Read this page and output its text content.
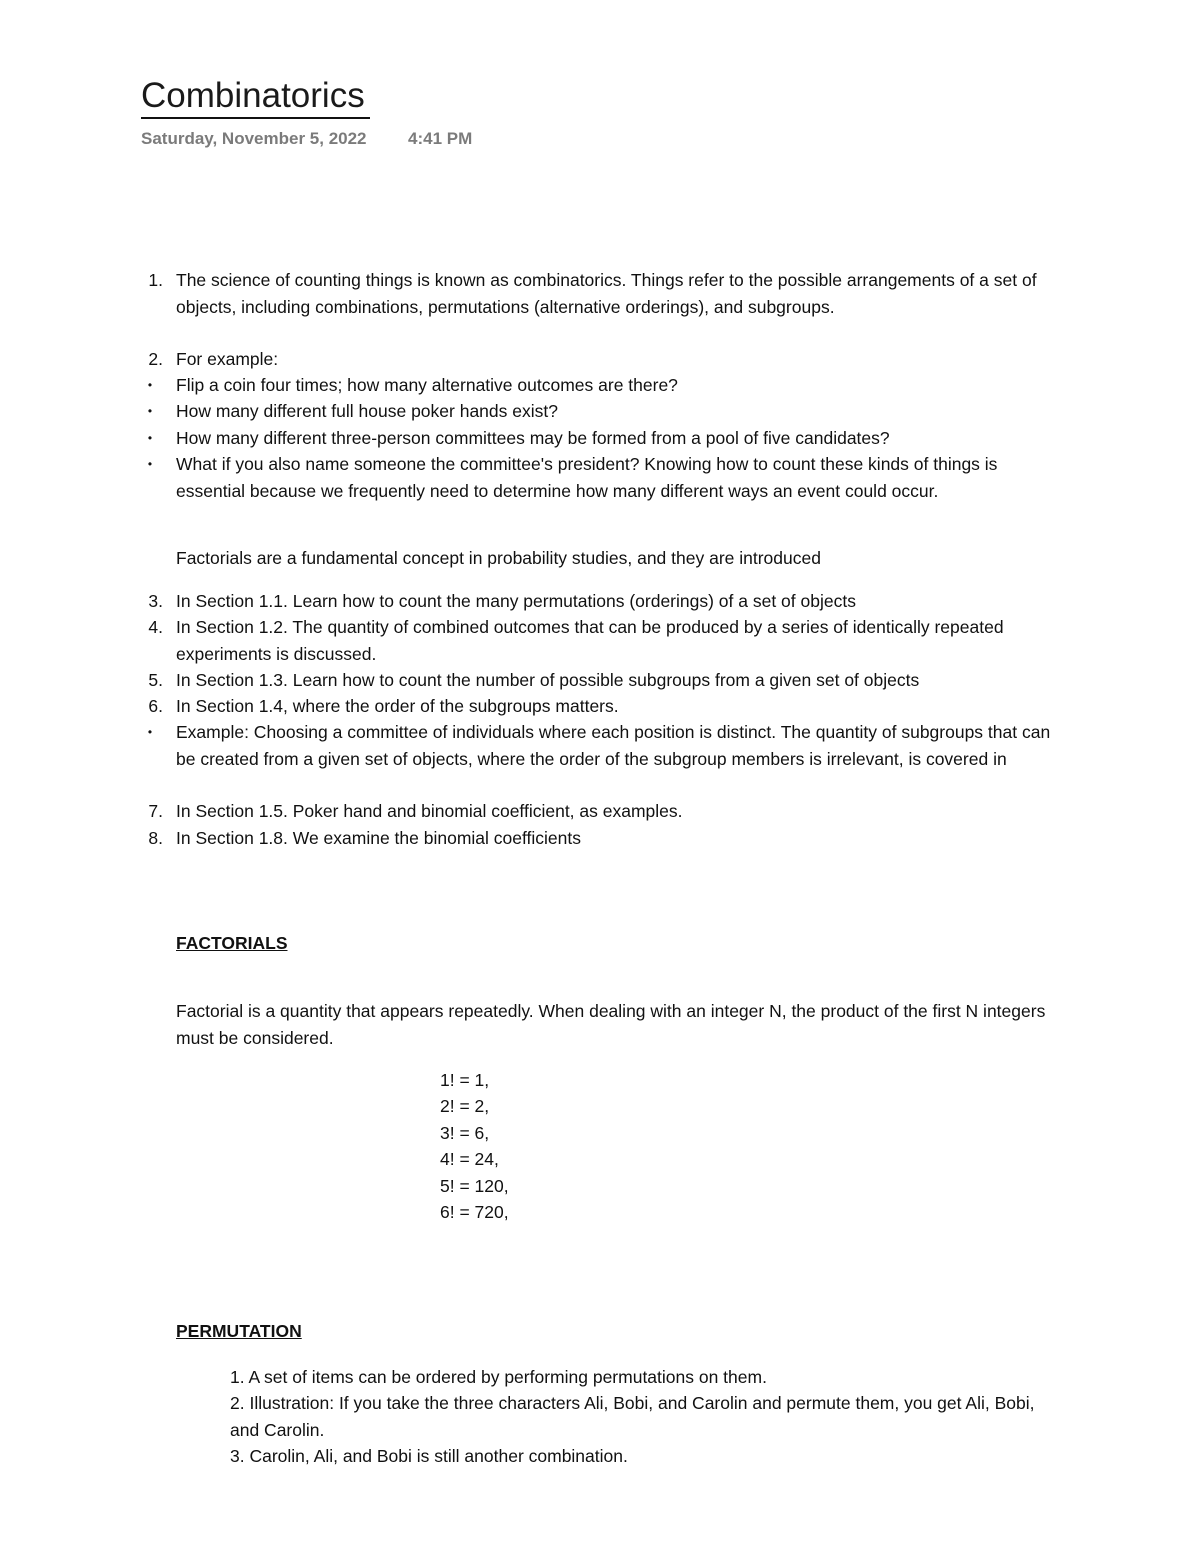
Combinatorics
Saturday, November 5, 2022 4:41 PM
1. The science of counting things is known as combinatorics. Things refer to the possible arrangements of a set of objects, including combinations, permutations (alternative orderings), and subgroups.
2. For example:
• Flip a coin four times; how many alternative outcomes are there?
• How many different full house poker hands exist?
• How many different three-person committees may be formed from a pool of five candidates?
• What if you also name someone the committee's president? Knowing how to count these kinds of things is essential because we frequently need to determine how many different ways an event could occur.
Factorials are a fundamental concept in probability studies, and they are introduced
3. In Section 1.1. Learn how to count the many permutations (orderings) of a set of objects
4. In Section 1.2. The quantity of combined outcomes that can be produced by a series of identically repeated experiments is discussed.
5. In Section 1.3. Learn how to count the number of possible subgroups from a given set of objects
6. In Section 1.4, where the order of the subgroups matters.
• Example: Choosing a committee of individuals where each position is distinct. The quantity of subgroups that can be created from a given set of objects, where the order of the subgroup members is irrelevant, is covered in
7. In Section 1.5. Poker hand and binomial coefficient, as examples.
8. In Section 1.8. We examine the binomial coefficients
FACTORIALS
Factorial is a quantity that appears repeatedly. When dealing with an integer N, the product of the first N integers must be considered.
1! = 1,
2! = 2,
3! = 6,
4! = 24,
5! = 120,
6! = 720,
PERMUTATION
1. A set of items can be ordered by performing permutations on them.
2. Illustration: If you take the three characters Ali, Bobi, and Carolin and permute them, you get Ali, Bobi, and Carolin.
3. Carolin, Ali, and Bobi is still another combination.
